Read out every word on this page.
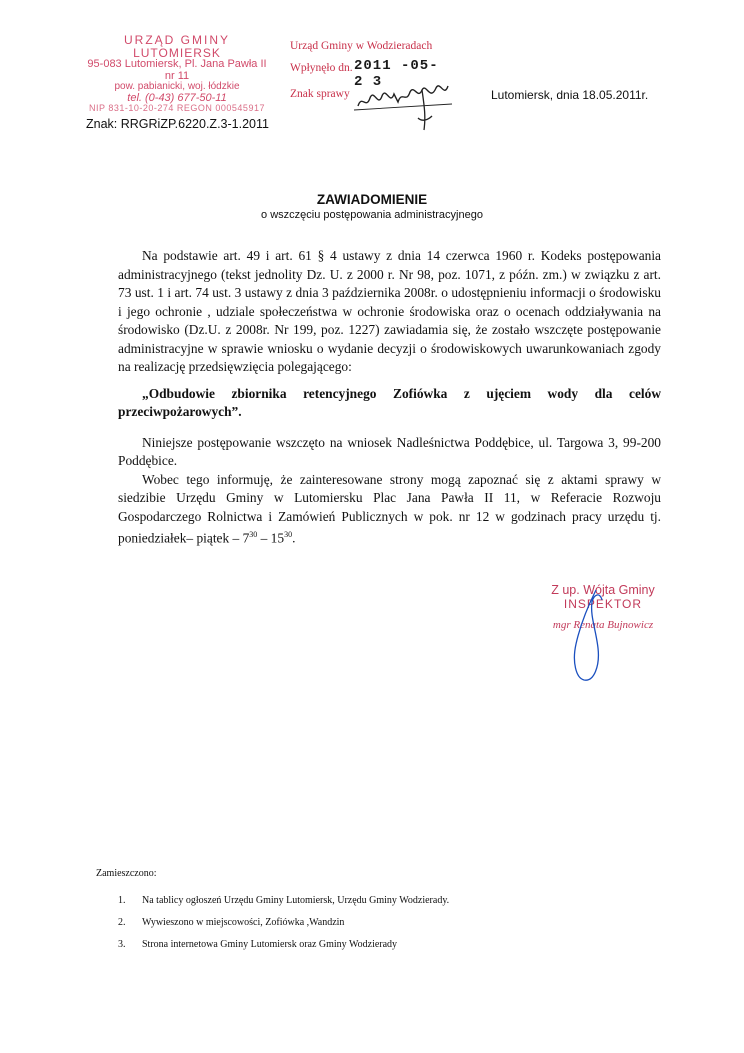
URZĄD GMINY
LUTOMIERSK
95-083 Lutomiersk, Pl. Jana Pawła II nr 11
pow. pabianicki, woj. łódzkie
tel. (0-43) 677-50-11
NIP 831-10-20-274 REGON 000545917
Urząd Gminy w Wodzieradach
Wpłynęło dn. 2011 -05- 2 3
Znak sprawy	Lutomiersk, dnia 18.05.2011r.
Znak: RRGRiZP.6220.Z.3-1.2011
ZAWIADOMIENIE
o wszczęciu postępowania administracyjnego

Na podstawie art. 49 i art. 61 § 4 ustawy z dnia 14 czerwca 1960 r. Kodeks postępowania administracyjnego (tekst jednolity Dz. U. z 2000 r. Nr 98, poz. 1071, z późn. zm.) w związku z art. 73 ust. 1 i art. 74 ust. 3 ustawy z dnia 3 października 2008r. o udostępnieniu informacji o środowisku i jego ochronie , udziale społeczeństwa w ochronie środowiska oraz o ocenach oddziaływania na środowisko (Dz.U. z 2008r. Nr 199, poz. 1227) zawiadamia się, że zostało wszczęte postępowanie administracyjne w sprawie wniosku o wydanie decyzji o środowiskowych uwarunkowaniach zgody na realizację przedsięwzięcia polegającego:

„Odbudowie zbiornika retencyjnego Zofiówka z ujęciem wody dla celów przeciwpożarowych”.

Niniejsze postępowanie wszczęto na wniosek Nadleśnictwa Poddębice, ul. Targowa 3, 99-200 Poddębice.

Wobec tego informuję, że zainteresowane strony mogą zapoznać się z aktami sprawy w siedzibie Urzędu Gminy w Lutomiersku Plac Jana Pawła II 11, w Referacie Rozwoju Gospodarczego Rolnictwa i Zamówień Publicznych w pok. nr 12 w godzinach pracy urzędu tj. poniedziałek– piątek – $7^{30} - 15^{30}$.

Z up. Wójta Gminy
INSPEKTOR
mgr Renata Bujnowicz
Zamieszczono:
1. Na tablicy ogłoszeń Urzędu Gminy Lutomiersk, Urzędu Gminy Wodzierady.
2. Wywieszono w miejscowości, Zofiówka ,Wandzin
3. Strona internetowa Gminy Lutomiersk oraz Gminy Wodzierady
